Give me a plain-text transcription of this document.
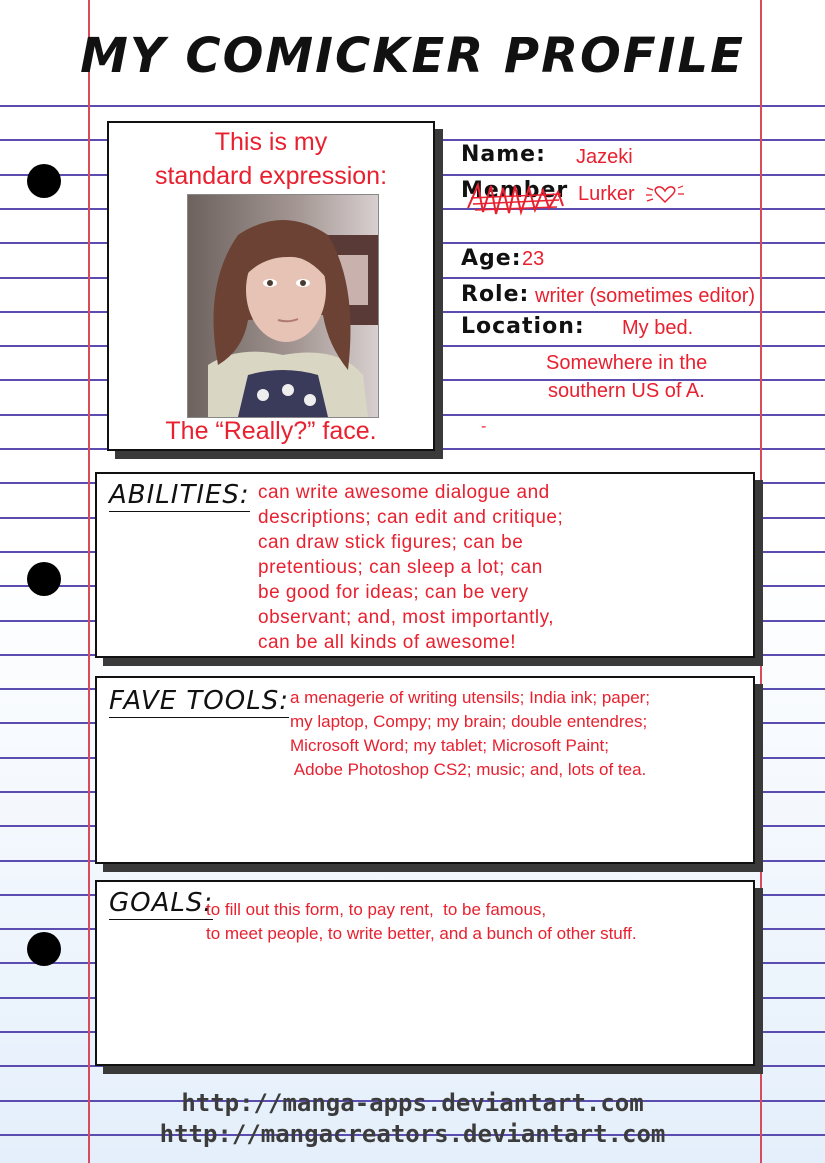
MY COMICKER PROFILE
This is my
standard expression:
The “Really?” face.
Name: Jazeki
Member Lurker
Age: 23
Role: writer (sometimes editor)
Location: My bed.
Somewhere in the
southern US of A.
-
ABILITIES: can write awesome dialogue and
descriptions; can edit and critique;
can draw stick figures; can be
pretentious; can sleep a lot; can
be good for ideas; can be very
observant; and, most importantly,
can be all kinds of awesome!
FAVE TOOLS: a menagerie of writing utensils; India ink; paper;
my laptop, Compy; my brain; double entendres;
Microsoft Word; my tablet; Microsoft Paint;
Adobe Photoshop CS2; music; and, lots of tea.
GOALS:
to fill out this form, to pay rent,  to be famous,
to meet people, to write better, and a bunch of other stuff.
http://manga-apps.deviantart.com
http://mangacreators.deviantart.com
